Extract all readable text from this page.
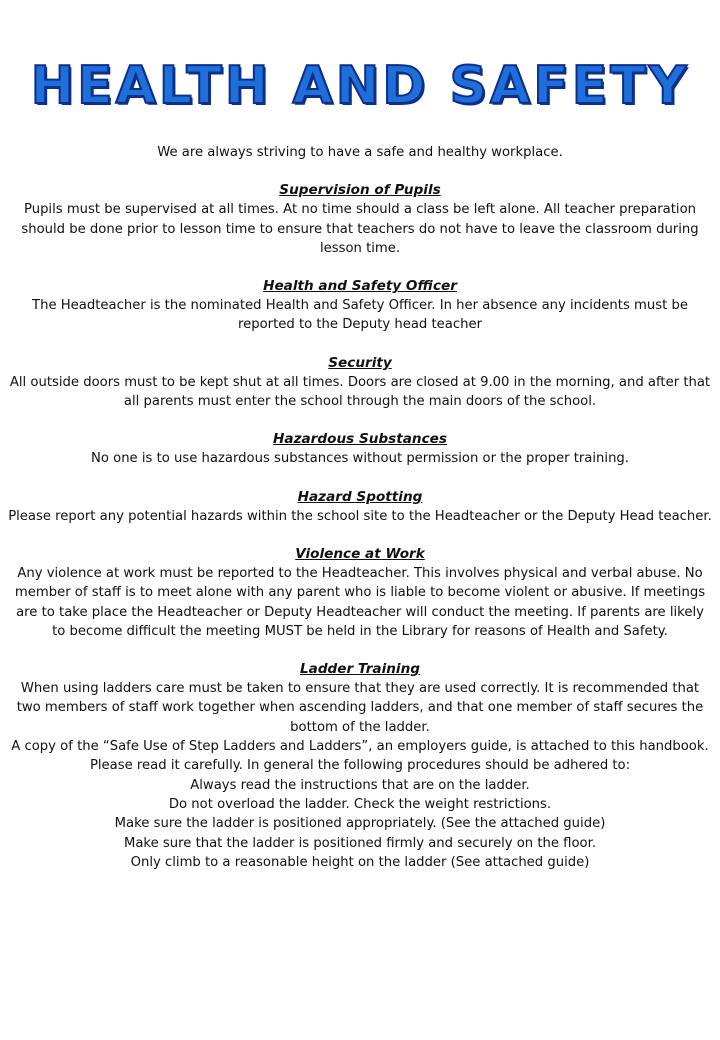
HEALTH AND SAFETY

We are always striving to have a safe and healthy workplace.

Supervision of Pupils

Pupils must be supervised at all times. At no time should a class be left alone. All teacher preparation should be done prior to lesson time to ensure that teachers do not have to leave the classroom during lesson time.

Health and Safety Officer

The Headteacher is the nominated Health and Safety Officer. In her absence any incidents must be reported to the Deputy head teacher

Security

All outside doors must to be kept shut at all times. Doors are closed at 9.00 in the morning, and after that all parents must enter the school through the main doors of the school.

Hazardous Substances

No one is to use hazardous substances without permission or the proper training.

Hazard Spotting

Please report any potential hazards within the school site to the Headteacher or the Deputy Head teacher.

Violence at Work

Any violence at work must be reported to the Headteacher. This involves physical and verbal abuse. No member of staff is to meet alone with any parent who is liable to become violent or abusive. If meetings are to take place the Headteacher or Deputy Headteacher will conduct the meeting. If parents are likely to become difficult the meeting MUST be held in the Library for reasons of Health and Safety.

Ladder Training

When using ladders care must be taken to ensure that they are used correctly. It is recommended that two members of staff work together when ascending ladders, and that one member of staff secures the bottom of the ladder.

A copy of the “Safe Use of Step Ladders and Ladders”, an employers guide, is attached to this handbook. Please read it carefully. In general the following procedures should be adhered to:

Always read the instructions that are on the ladder.

Do not overload the ladder. Check the weight restrictions.

Make sure the ladder is positioned appropriately. (See the attached guide)

Make sure that the ladder is positioned firmly and securely on the floor.

Only climb to a reasonable height on the ladder (See attached guide)
